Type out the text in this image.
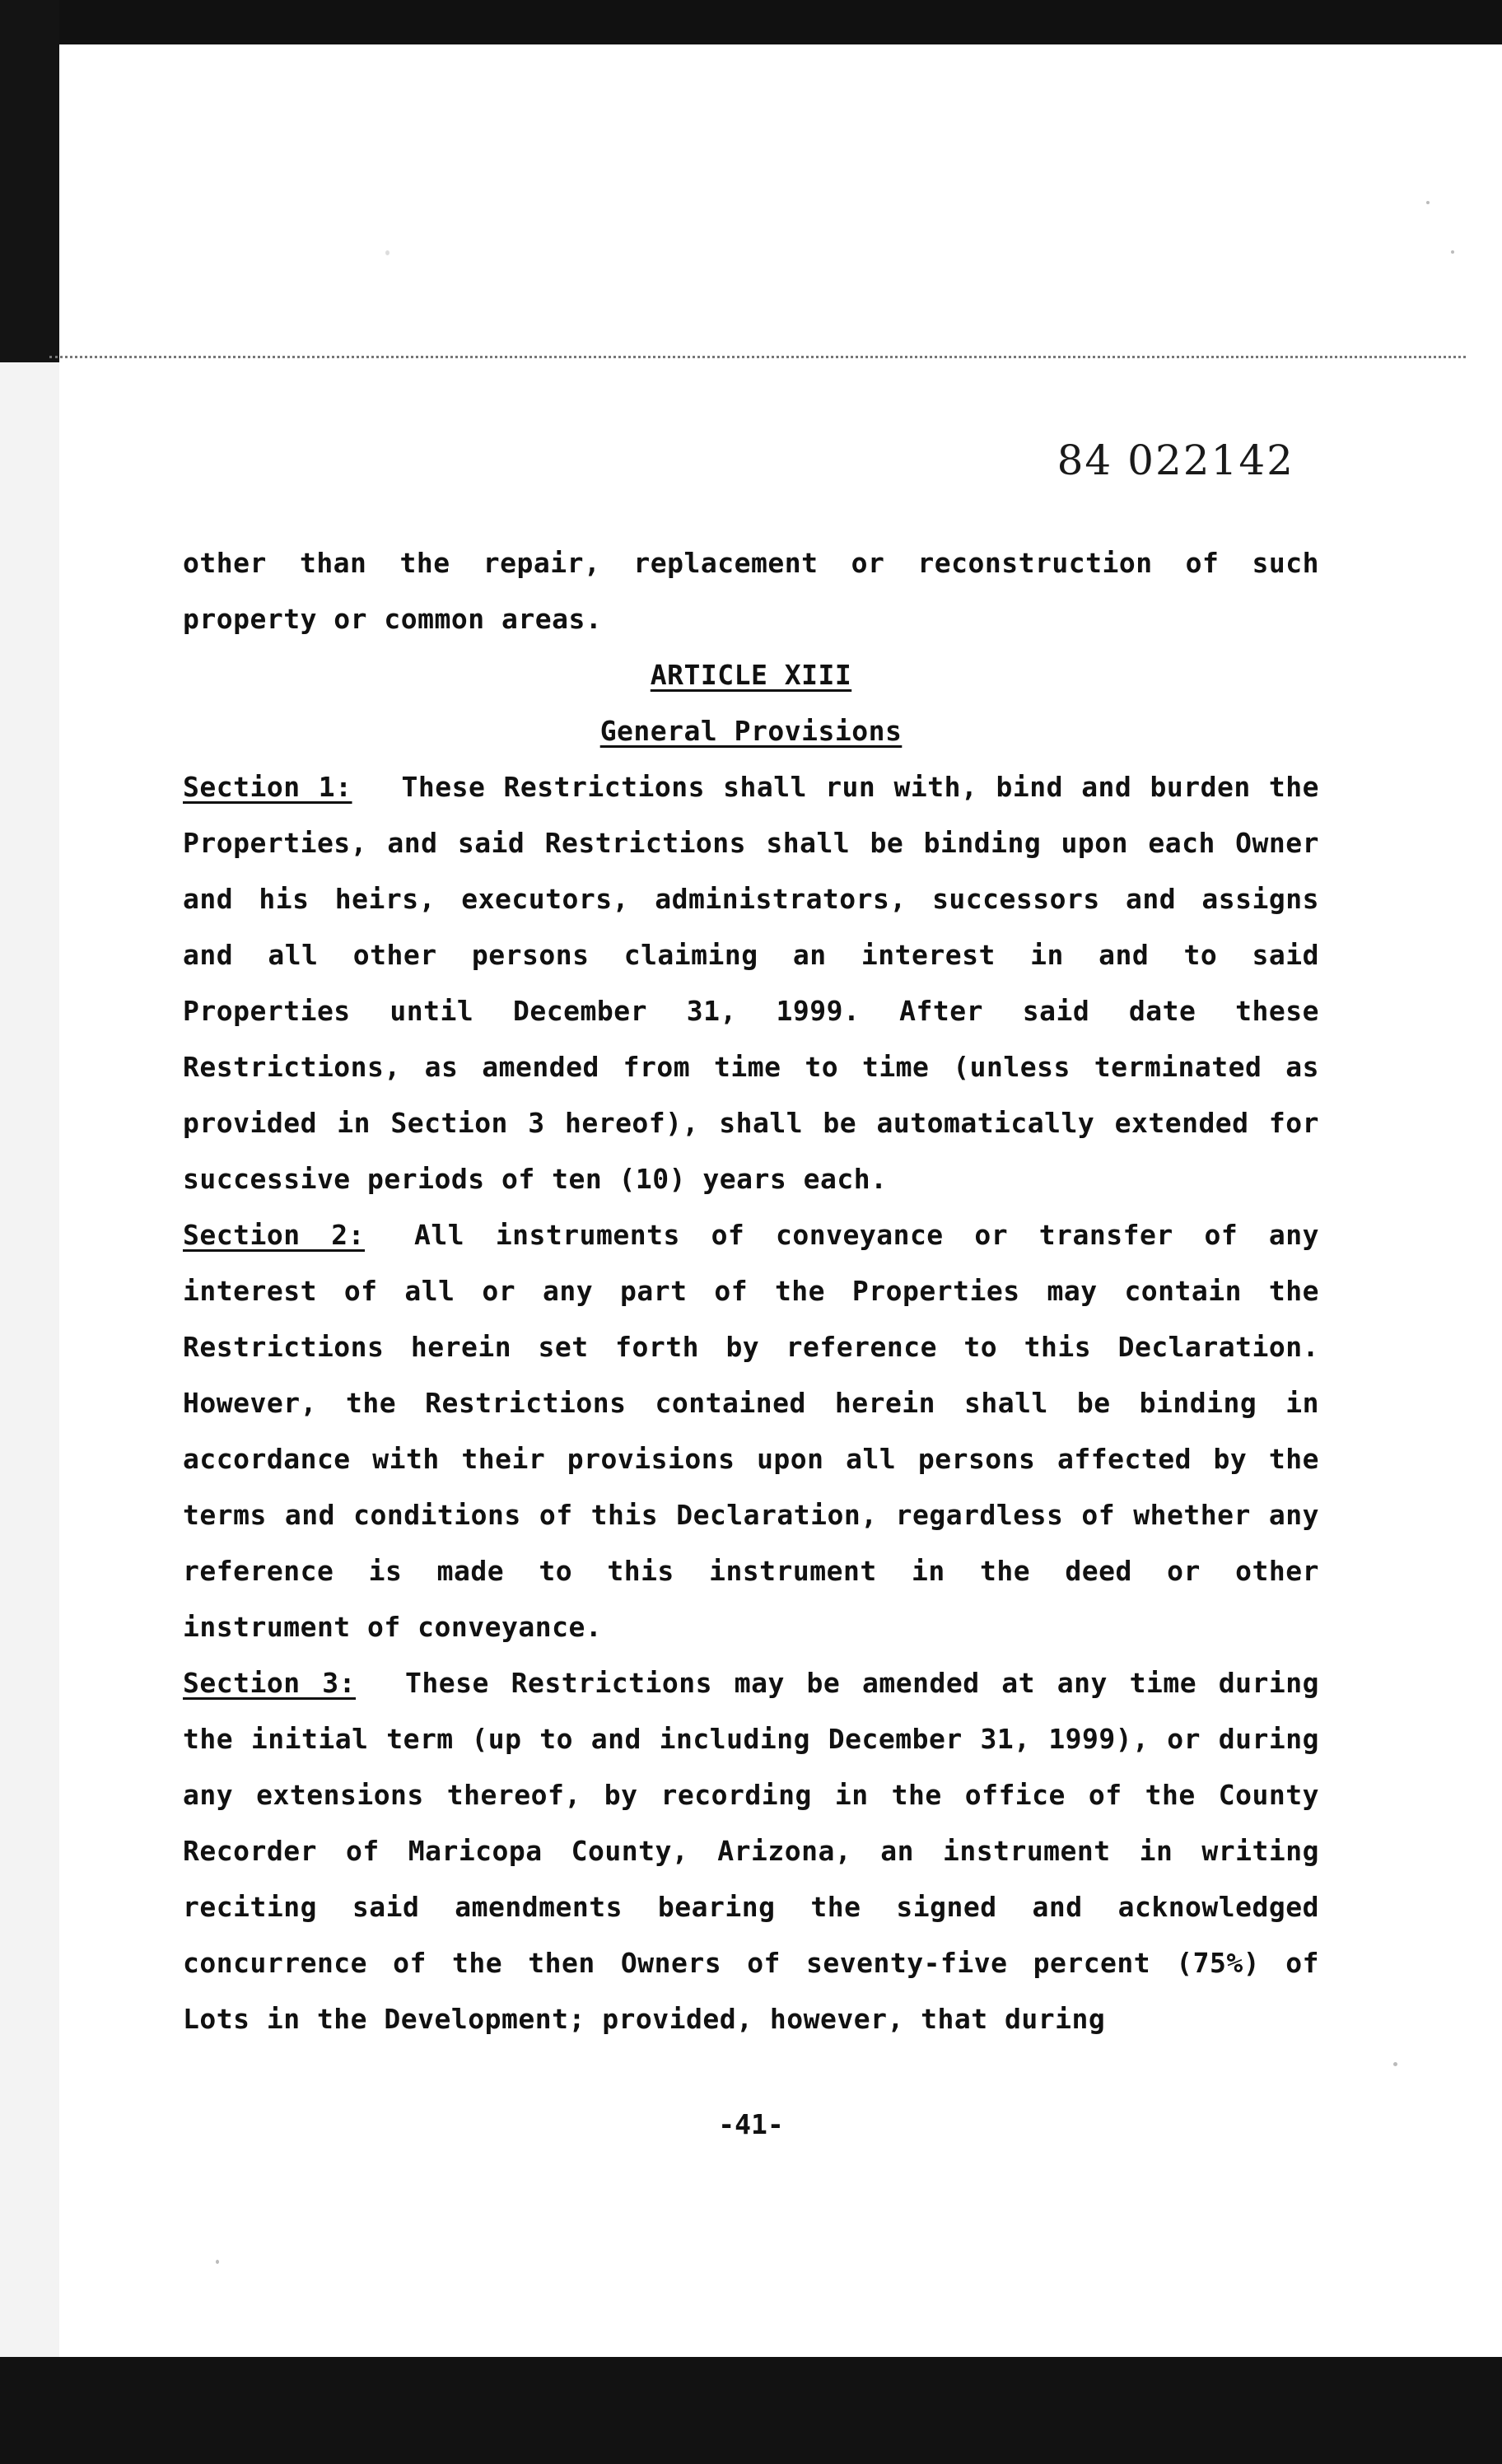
84 022142

other than the repair, replacement or reconstruction of such property or common areas.

ARTICLE XIII

General Provisions

Section 1: These Restrictions shall run with, bind and burden the Properties, and said Restrictions shall be binding upon each Owner and his heirs, executors, administrators, successors and assigns and all other persons claiming an interest in and to said Properties until December 31, 1999. After said date these Restrictions, as amended from time to time (unless terminated as provided in Section 3 hereof), shall be automatically extended for successive periods of ten (10) years each.

Section 2: All instruments of conveyance or transfer of any interest of all or any part of the Properties may contain the Restrictions herein set forth by reference to this Declaration. However, the Restrictions contained herein shall be binding in accordance with their provisions upon all persons affected by the terms and conditions of this Declaration, regardless of whether any reference is made to this instrument in the deed or other instrument of conveyance.

Section 3: These Restrictions may be amended at any time during the initial term (up to and including December 31, 1999), or during any extensions thereof, by recording in the office of the County Recorder of Maricopa County, Arizona, an instrument in writing reciting said amendments bearing the signed and acknowledged concurrence of the then Owners of seventy-five percent (75%) of Lots in the Development; provided, however, that during

-41-
